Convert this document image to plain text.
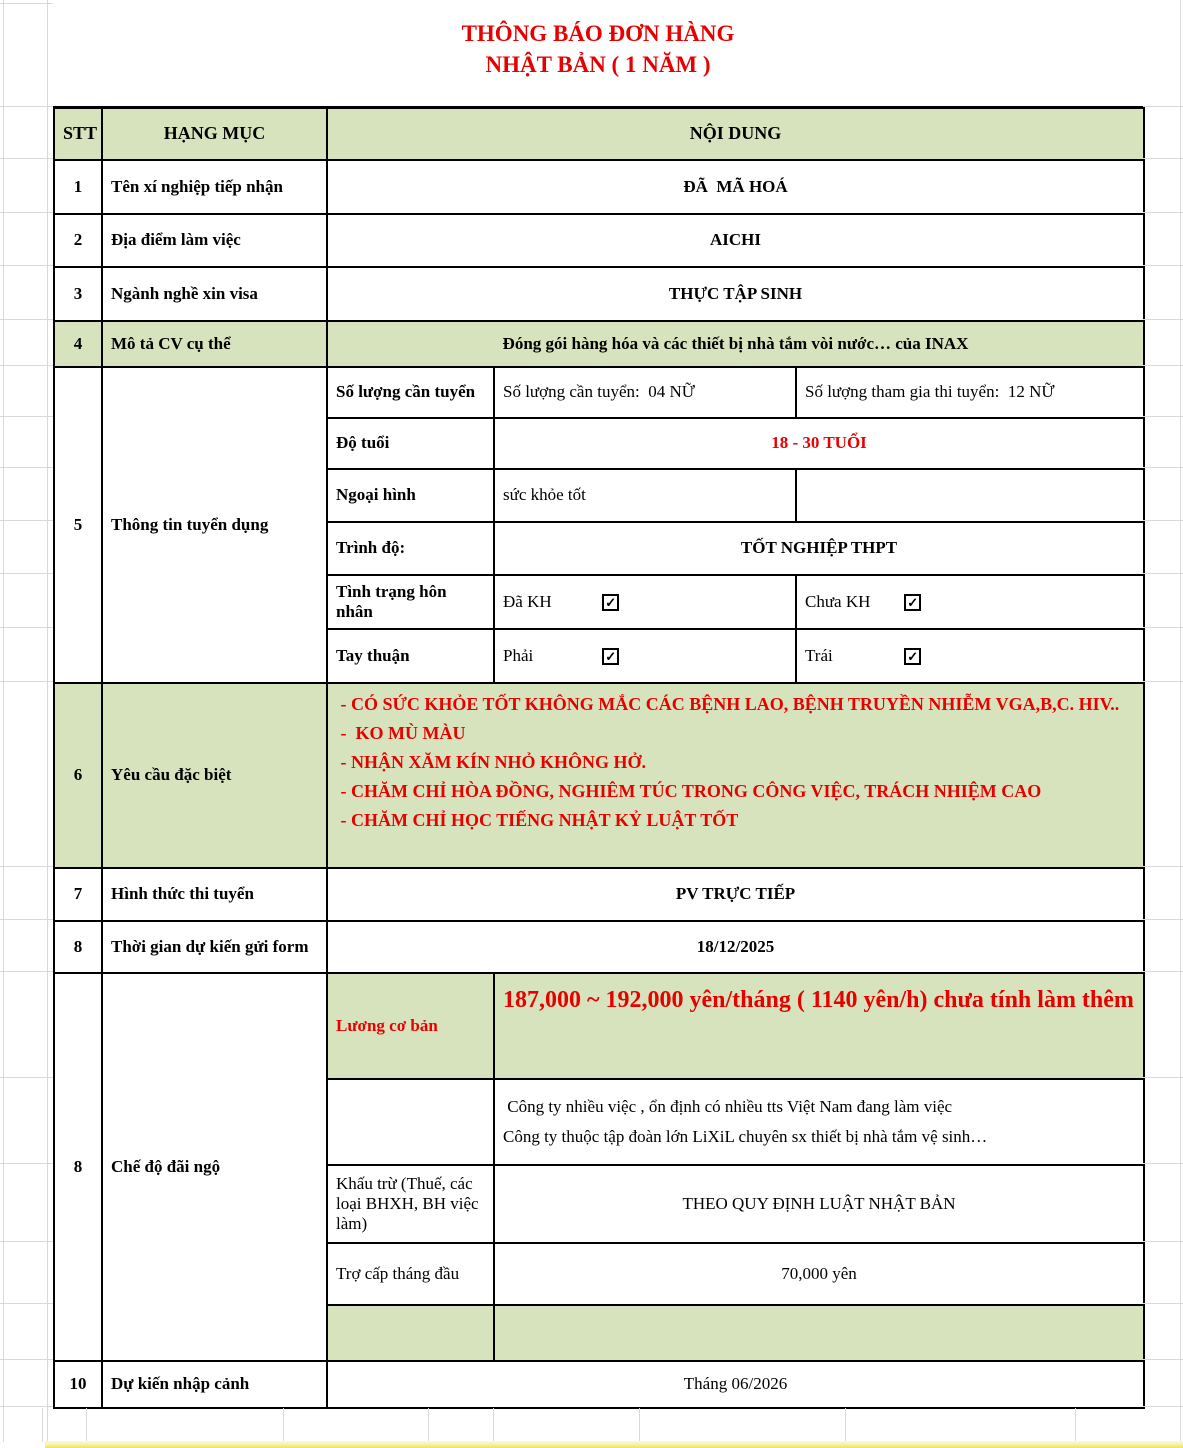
THÔNG BÁO ĐƠN HÀNG
NHẬT BẢN ( 1 NĂM )
STT	HẠNG MỤC	NỘI DUNG		
1	Tên xí nghiệp tiếp nhận	ĐÃ  MÃ HOÁ		
2	Địa điểm làm việc	AICHI		
3	Ngành nghề xin visa	THỰC TẬP SINH		
4	Mô tả CV cụ thể	Đóng gói hàng hóa và các thiết bị nhà tắm vòi nước… của INAX		
5	Thông tin tuyển dụng	Số lượng cần tuyển	Số lượng cần tuyển:  04 NỮ	Số lượng tham gia thi tuyển:  12 NỮ
		Độ tuổi	18 - 30 TUỔI	
		Ngoại hình	sức khỏe tốt	
		Trình độ:	TỐT NGHIỆP THPT	
		Tình trạng hôn nhân	Đã KH ✓	Chưa KH ✓
		Tay thuận	Phải ✓	Trái ✓
6	Yêu cầu đặc biệt	- CÓ SỨC KHỎE TỐT KHÔNG MẮC CÁC BỆNH LAO, BỆNH TRUYỀN NHIỄM VGA,B,C. HIV..
-  KO MÙ MÀU
- NHẬN XĂM KÍN NHỎ KHÔNG HỞ.
- CHĂM CHỈ HÒA ĐỒNG, NGHIÊM TÚC TRONG CÔNG VIỆC, TRÁCH NHIỆM CAO
- CHĂM CHỈ HỌC TIẾNG NHẬT KỶ LUẬT TỐT		

7	Hình thức thi tuyển	PV TRỰC TIẾP		
8	Thời gian dự kiến gửi form	18/12/2025		
8	Chế độ đãi ngộ	Lương cơ bản	187,000 ~ 192,000 yên/tháng ( 1140 yên/h) chưa tính làm thêm	

			Công ty nhiều việc , ổn định có nhiều tts Việt Nam đang làm việc
Công ty thuộc tập đoàn lớn LiXiL chuyên sx thiết bị nhà tắm vệ sinh…	

		Khấu trừ (Thuế, các loại BHXH, BH việc làm)	THEO QUY ĐỊNH LUẬT NHẬT BẢN	
		Trợ cấp tháng đầu	70,000 yên	

10	Dự kiến nhập cảnh	Tháng 06/2026		
